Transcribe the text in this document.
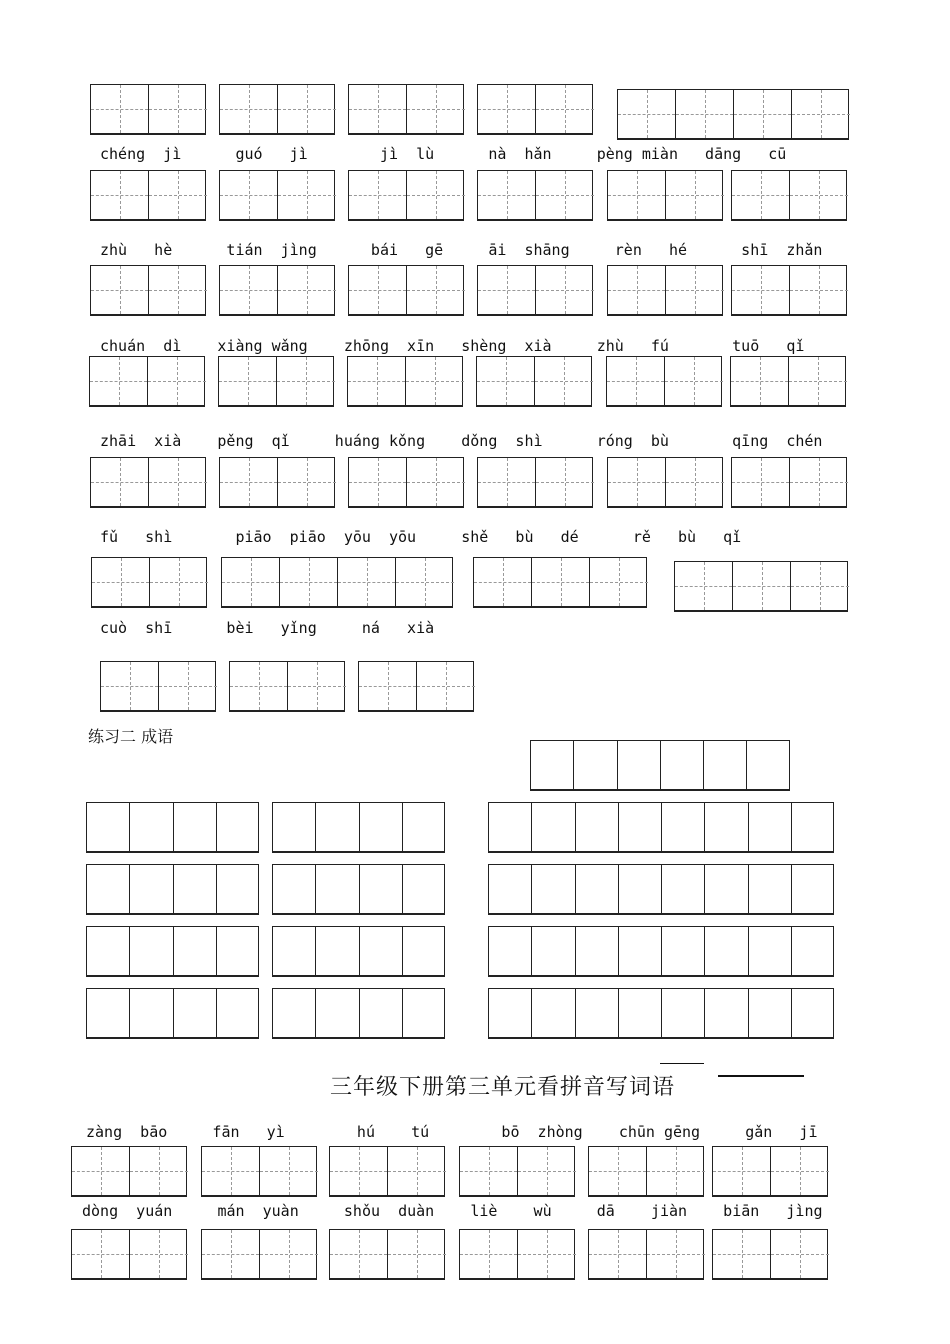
chéng  jì      guó   jì        jì  lù      nà  hǎn     pèng miàn   dāng   cū
zhù   hè      tián  jìng      bái   gē     āi  shāng     rèn   hé      shī  zhǎn
chuán  dì    xiàng wǎng    zhōng  xīn   shèng  xià     zhù   fú       tuō   qǐ
zhāi  xià    pěng  qǐ     huáng kǒng    dǒng  shì      róng  bù       qīng  chén
fǔ   shì       piāo  piāo  yōu  yōu     shě   bù   dé      rě   bù   qǐ
cuò  shī      bèi   yǐng     ná   xià
练习二 成语
三年级下册第三单元看拼音写词语
zàng  bāo     fān   yì        hú    tú        bō  zhòng    chūn gēng     gǎn   jī
dòng  yuán     mán  yuàn     shǒu  duàn    liè    wù     dā    jiàn    biān   jìng
